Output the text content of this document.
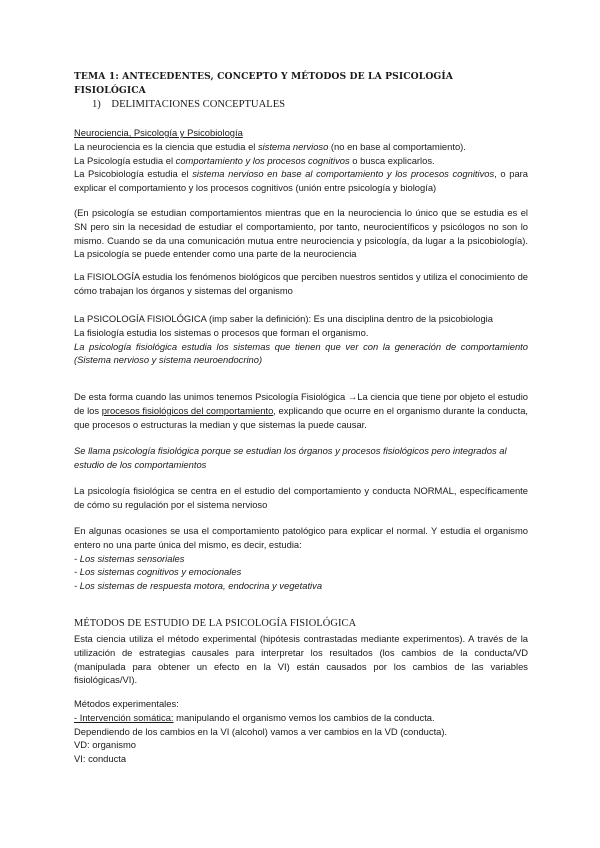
TEMA 1: ANTECEDENTES, CONCEPTO Y MÉTODOS DE LA PSICOLOGÍA FISIOLÓGICA

1) DELIMITACIONES CONCEPTUALES

Neurociencia, Psicología y Psicobiología
La neurociencia es la ciencia que estudia el sistema nervioso (no en base al comportamiento).
La Psicología estudia el comportamiento y los procesos cognitivos o busca explicarlos.
La Psicobiología estudia el sistema nervioso en base al comportamiento y los procesos cognitivos, o para explicar el comportamiento y los procesos cognitivos (unión entre psicología y biología)

(En psicología se estudian comportamientos mientras que en la neurociencia lo único que se estudia es el SN pero sin la necesidad de estudiar el comportamiento, por tanto, neurocientíficos y psicólogos no son lo mismo. Cuando se da una comunicación mutua entre neurociencia y psicología, da lugar a la psicobiología). La psicología se puede entender como una parte de la neurociencia

La FISIOLOGÍA estudia los fenómenos biológicos que perciben nuestros sentidos y utiliza el conocimiento de cómo trabajan los órganos y sistemas del organismo

La PSICOLOGÍA FISIOLÓGICA (imp saber la definición): Es una disciplina dentro de la psicobiologia
La fisiología estudia los sistemas o procesos que forman el organismo.
La psicología fisiológica estudia los sistemas que tienen que ver con la generación de comportamiento (Sistema nervioso y sistema neuroendocrino)

De esta forma cuando las unimos tenemos Psicología Fisiológica →La ciencia que tiene por objeto el estudio de los procesos fisiológicos del comportamiento, explicando que ocurre en el organismo durante la conducta, que procesos o estructuras la median y que sistemas la puede causar.

Se llama psicología fisiológica porque se estudian los órganos y procesos fisiológicos pero integrados al estudio de los comportamientos

La psicología fisiológica se centra en el estudio del comportamiento y conducta NORMAL, específicamente de cómo su regulación por el sistema nervioso

En algunas ocasiones se usa el comportamiento patológico para explicar el normal. Y estudia el organismo entero no una parte única del mismo, es decir, estudia:
- Los sistemas sensoriales
- Los sistemas cognitivos y emocionales
- Los sistemas de respuesta motora, endocrina y vegetativa

MÉTODOS DE ESTUDIO DE LA PSICOLOGÍA FISIOLÓGICA

Esta ciencia utiliza el método experimental (hipótesis contrastadas mediante experimentos). A través de la utilización de estrategias causales para interpretar los resultados (los cambios de la conducta/VD (manipulada para obtener un efecto en la VI) están causados por los cambios de las variables fisiológicas/VI).

Métodos experimentales:
- Intervención somática: manipulando el organismo vemos los cambios de la conducta.
Dependiendo de los cambios en la VI (alcohol) vamos a ver cambios en la VD (conducta).
VD: organismo
VI: conducta
